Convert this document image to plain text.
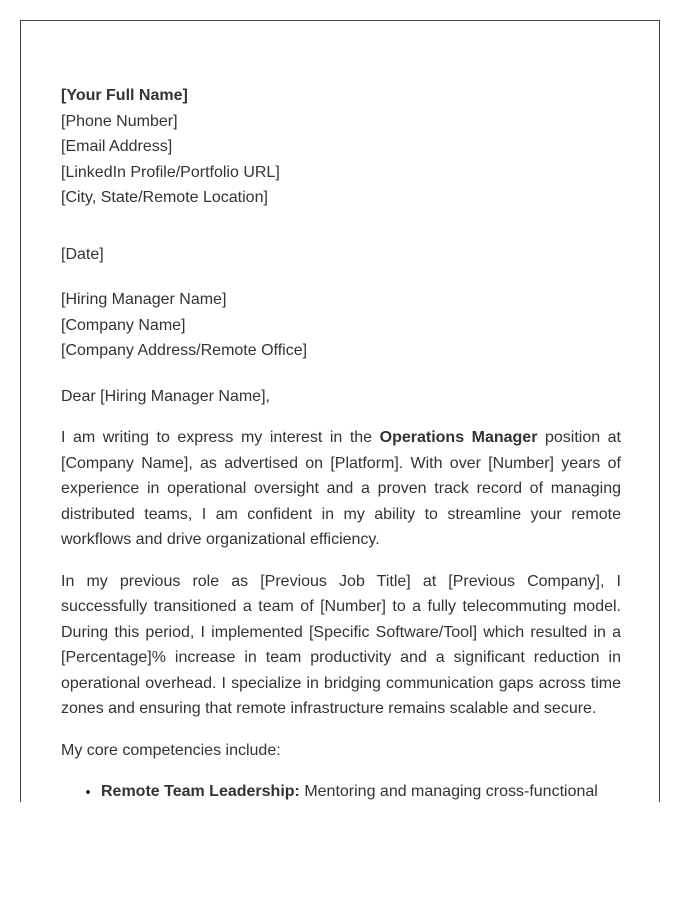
[Your Full Name]
[Phone Number]
[Email Address]
[LinkedIn Profile/Portfolio URL]
[City, State/Remote Location]
[Date]
[Hiring Manager Name]
[Company Name]
[Company Address/Remote Office]

Dear [Hiring Manager Name],

I am writing to express my interest in the Operations Manager position at [Company Name], as advertised on [Platform]. With over [Number] years of experience in operational oversight and a proven track record of managing distributed teams, I am confident in my ability to streamline your remote workflows and drive organizational efficiency.

In my previous role as [Previous Job Title] at [Previous Company], I successfully transitioned a team of [Number] to a fully telecommuting model. During this period, I implemented [Specific Software/Tool] which resulted in a [Percentage]% increase in team productivity and a significant reduction in operational overhead. I specialize in bridging communication gaps across time zones and ensuring that remote infrastructure remains scalable and secure.

My core competencies include:

• Remote Team Leadership: Mentoring and managing cross-functional
